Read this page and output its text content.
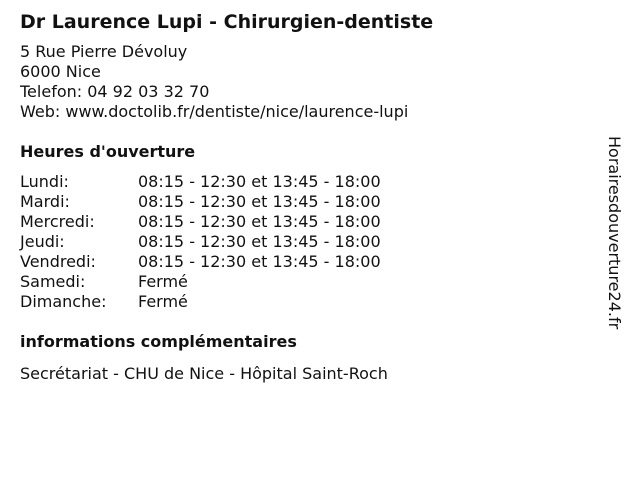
Dr Laurence Lupi - Chirurgien-dentiste
5 Rue Pierre Dévoluy
6000 Nice
Telefon: 04 92 03 32 70
Web: www.doctolib.fr/dentiste/nice/laurence-lupi
Heures d'ouverture
Lundi:	08:15 - 12:30 et 13:45 - 18:00
Mardi:	08:15 - 12:30 et 13:45 - 18:00
Mercredi:	08:15 - 12:30 et 13:45 - 18:00
Jeudi:	08:15 - 12:30 et 13:45 - 18:00
Vendredi:	08:15 - 12:30 et 13:45 - 18:00
Samedi:	Fermé
Dimanche: Fermé
informations complémentaires
Secrétariat - CHU de Nice - Hôpital Saint-Roch
Horairesdouverture24.fr
